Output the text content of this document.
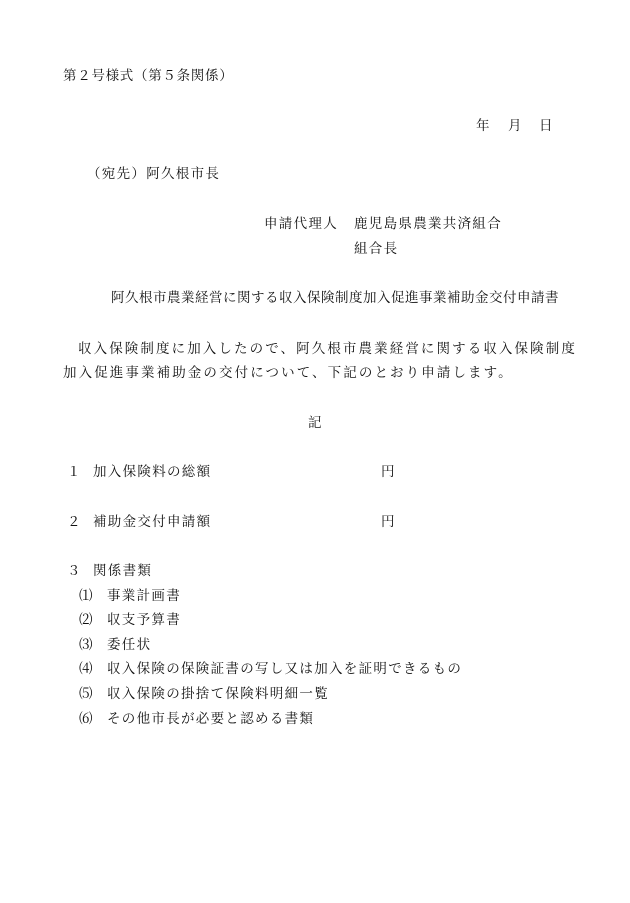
第２号様式（第５条関係）
年 月 日
（宛先）阿久根市長
申請代理人 鹿児島県農業共済組合
組合長
阿久根市農業経営に関する収入保険制度加入促進事業補助金交付申請書
収入保険制度に加入したので、阿久根市農業経営に関する収入保険制度
加入促進事業補助金の交付について、下記のとおり申請します。
記
１ 加入保険料の総額	円
２ 補助金交付申請額	円
３ 関係書類
⑴ 事業計画書
⑵ 収支予算書
⑶ 委任状
⑷ 収入保険の保険証書の写し又は加入を証明できるもの
⑸ 収入保険の掛捨て保険料明細一覧
⑹ その他市長が必要と認める書類
